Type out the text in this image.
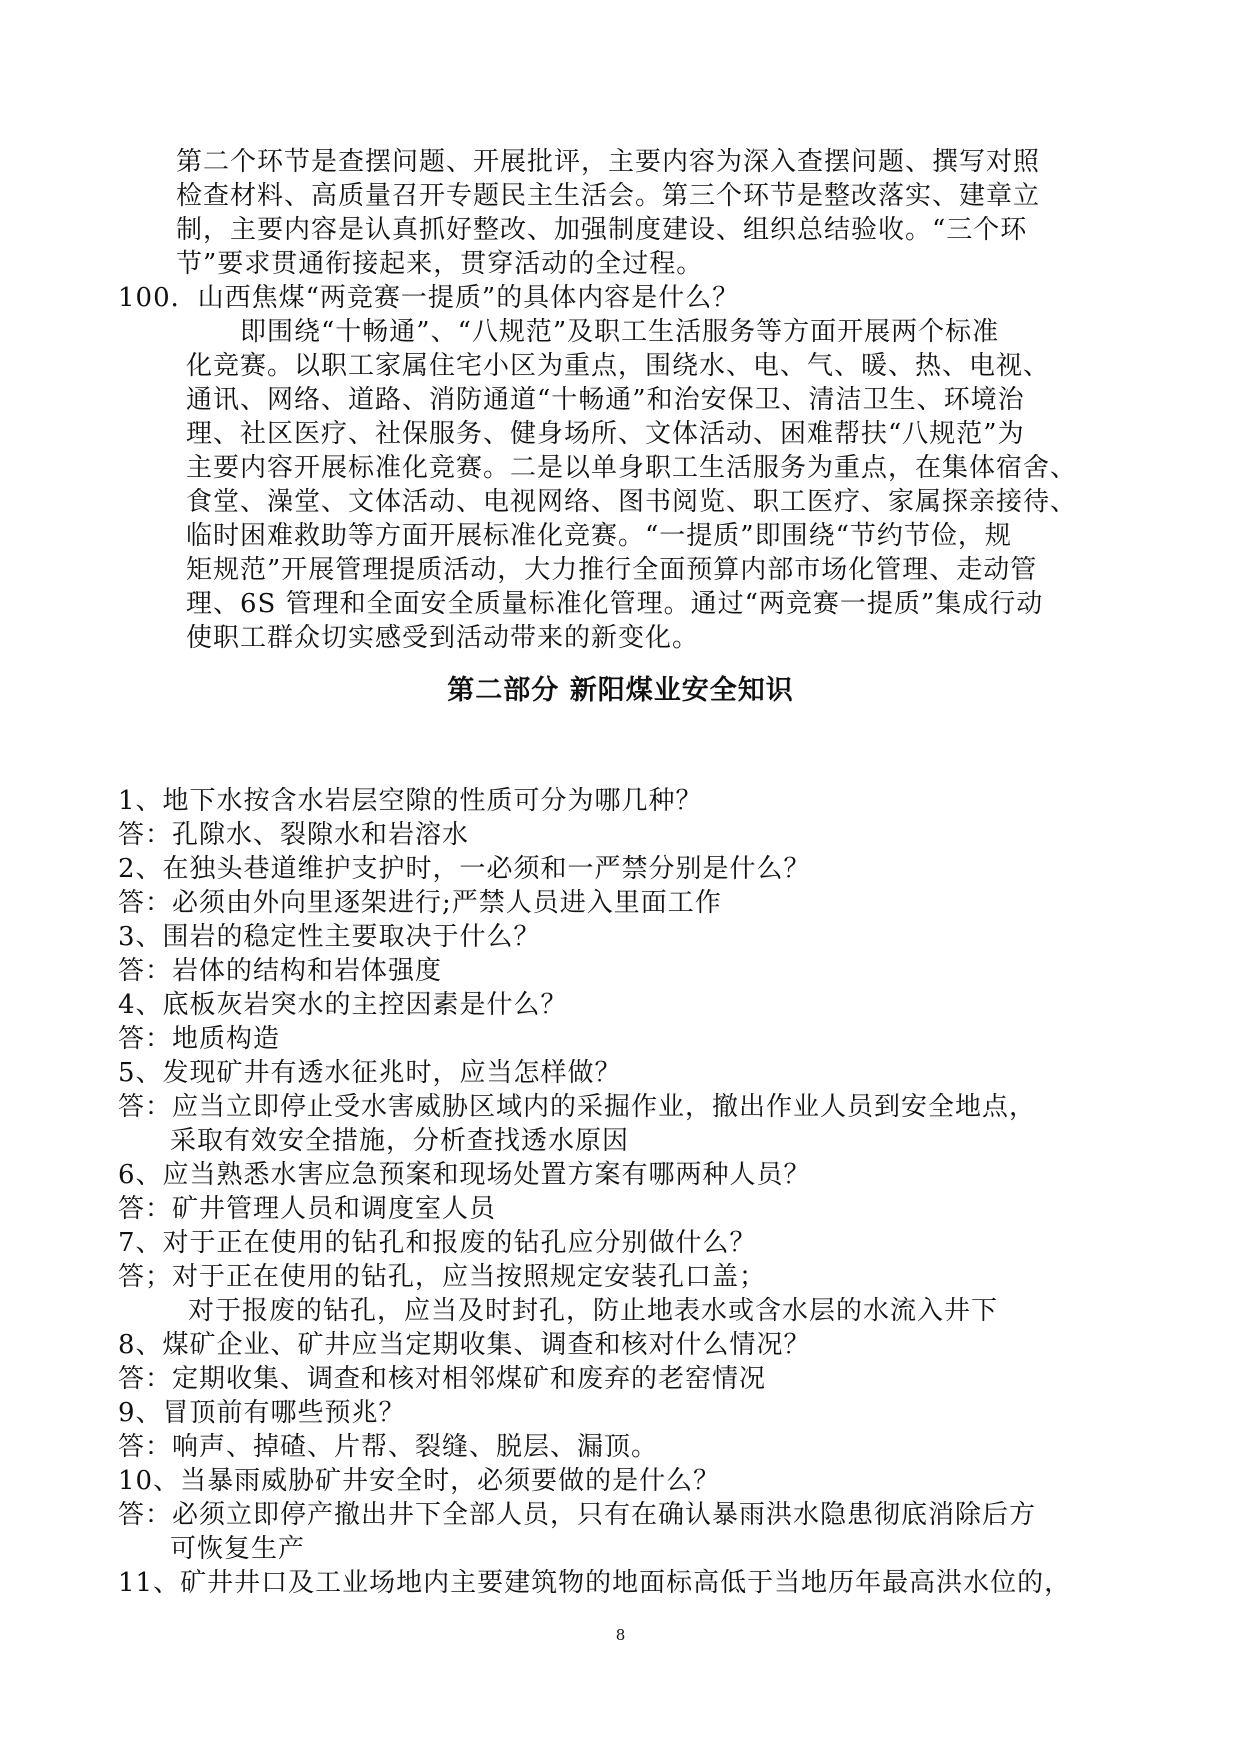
第二个环节是查摆问题、开展批评，主要内容为深入查摆问题、撰写对照
检查材料、高质量召开专题民主生活会。第三个环节是整改落实、建章立
制，主要内容是认真抓好整改、加强制度建设、组织总结验收。“三个环
节”要求贯通衔接起来，贯穿活动的全过程。
100．山西焦煤“两竞赛一提质”的具体内容是什么？
即围绕“十畅通”、“八规范”及职工生活服务等方面开展两个标准
化竞赛。以职工家属住宅小区为重点，围绕水、电、气、暖、热、电视、
通讯、网络、道路、消防通道“十畅通”和治安保卫、清洁卫生、环境治
理、社区医疗、社保服务、健身场所、文体活动、困难帮扶“八规范”为
主要内容开展标准化竞赛。二是以单身职工生活服务为重点，在集体宿舍、
食堂、澡堂、文体活动、电视网络、图书阅览、职工医疗、家属探亲接待、
临时困难救助等方面开展标准化竞赛。“一提质”即围绕“节约节俭，规
矩规范”开展管理提质活动，大力推行全面预算内部市场化管理、走动管
理、6S 管理和全面安全质量标准化管理。通过“两竞赛一提质”集成行动
使职工群众切实感受到活动带来的新变化。
第二部分 新阳煤业安全知识
1、地下水按含水岩层空隙的性质可分为哪几种？
答：孔隙水、裂隙水和岩溶水
2、在独头巷道维护支护时，一必须和一严禁分别是什么？
答：必须由外向里逐架进行;严禁人员进入里面工作
3、围岩的稳定性主要取决于什么？
答：岩体的结构和岩体强度
4、底板灰岩突水的主控因素是什么？
答：地质构造
5、发现矿井有透水征兆时，应当怎样做？
答：应当立即停止受水害威胁区域内的采掘作业，撤出作业人员到安全地点，
采取有效安全措施，分析查找透水原因
6、应当熟悉水害应急预案和现场处置方案有哪两种人员？
答：矿井管理人员和调度室人员
7、对于正在使用的钻孔和报废的钻孔应分别做什么？
答；对于正在使用的钻孔，应当按照规定安装孔口盖；
对于报废的钻孔，应当及时封孔，防止地表水或含水层的水流入井下
8、煤矿企业、矿井应当定期收集、调查和核对什么情况？
答：定期收集、调查和核对相邻煤矿和废弃的老窑情况
9、冒顶前有哪些预兆？
答：响声、掉碴、片帮、裂缝、脱层、漏顶。
10、当暴雨威胁矿井安全时，必须要做的是什么？
答：必须立即停产撤出井下全部人员，只有在确认暴雨洪水隐患彻底消除后方
可恢复生产
11、矿井井口及工业场地内主要建筑物的地面标高低于当地历年最高洪水位的，
8
